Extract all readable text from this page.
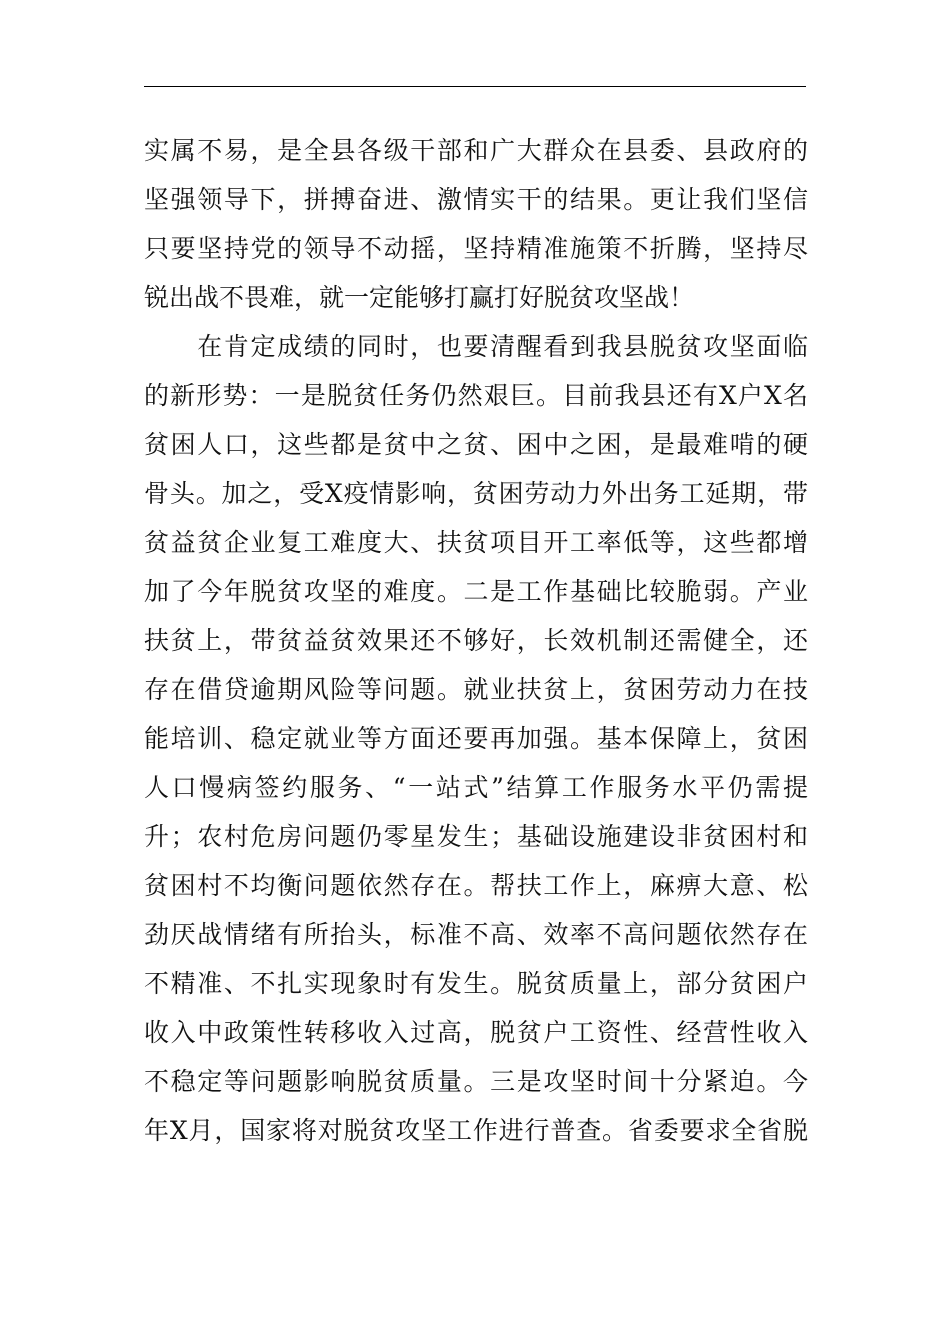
实属不易，是全县各级干部和广大群众在县委、县政府的
坚强领导下，拼搏奋进、激情实干的结果。更让我们坚信
只要坚持党的领导不动摇，坚持精准施策不折腾，坚持尽
锐出战不畏难，就一定能够打赢打好脱贫攻坚战！
　　在肯定成绩的同时，也要清醒看到我县脱贫攻坚面临
的新形势：一是脱贫任务仍然艰巨。目前我县还有X户X名
贫困人口，这些都是贫中之贫、困中之困，是最难啃的硬
骨头。加之，受X疫情影响，贫困劳动力外出务工延期，带
贫益贫企业复工难度大、扶贫项目开工率低等，这些都增
加了今年脱贫攻坚的难度。二是工作基础比较脆弱。产业
扶贫上，带贫益贫效果还不够好，长效机制还需健全，还
存在借贷逾期风险等问题。就业扶贫上，贫困劳动力在技
能培训、稳定就业等方面还要再加强。基本保障上，贫困
人口慢病签约服务、“一站式”结算工作服务水平仍需提
升；农村危房问题仍零星发生；基础设施建设非贫困村和
贫困村不均衡问题依然存在。帮扶工作上，麻痹大意、松
劲厌战情绪有所抬头，标准不高、效率不高问题依然存在
不精准、不扎实现象时有发生。脱贫质量上，部分贫困户
收入中政策性转移收入过高，脱贫户工资性、经营性收入
不稳定等问题影响脱贫质量。三是攻坚时间十分紧迫。今
年X月，国家将对脱贫攻坚工作进行普查。省委要求全省脱
